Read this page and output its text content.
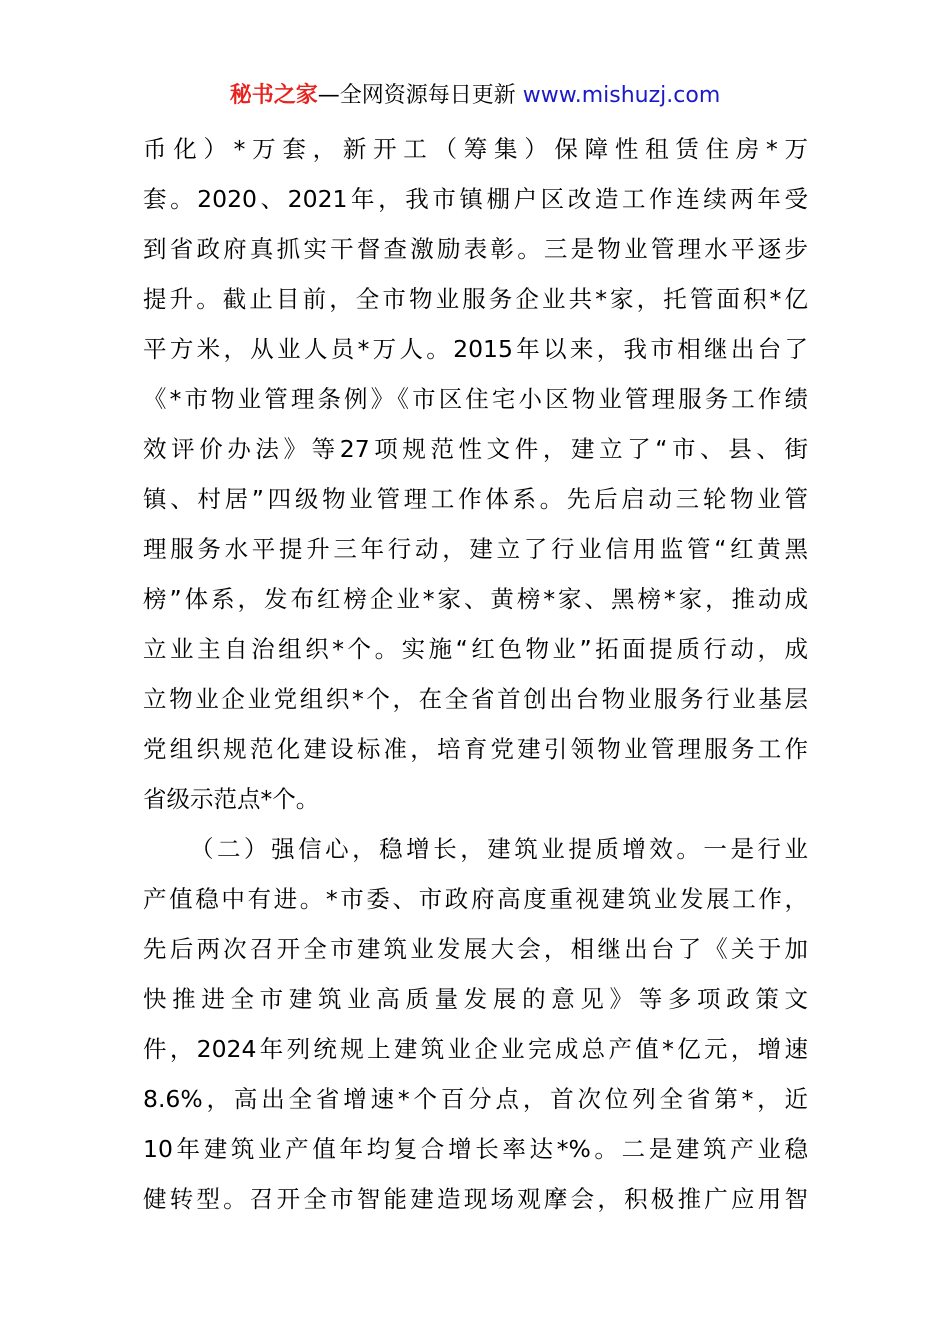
秘书之家—全网资源每日更新 www.mishuzj.com
币化）*万套，新开工（筹集）保障性租赁住房*万
套。2020、2021年，我市镇棚户区改造工作连续两年受
到省政府真抓实干督查激励表彰。三是物业管理水平逐步
提升。截止目前，全市物业服务企业共*家，托管面积*亿
平方米，从业人员*万人。2015年以来，我市相继出台了
《*市物业管理条例》《市区住宅小区物业管理服务工作绩
效评价办法》等27项规范性文件，建立了“市、县、街
镇、村居”四级物业管理工作体系。先后启动三轮物业管
理服务水平提升三年行动，建立了行业信用监管“红黄黑
榜”体系，发布红榜企业*家、黄榜*家、黑榜*家，推动成
立业主自治组织*个。实施“红色物业”拓面提质行动，成
立物业企业党组织*个，在全省首创出台物业服务行业基层
党组织规范化建设标准，培育党建引领物业管理服务工作
省级示范点*个。
（二）强信心，稳增长，建筑业提质增效。一是行业
产值稳中有进。*市委、市政府高度重视建筑业发展工作，
先后两次召开全市建筑业发展大会，相继出台了《关于加
快推进全市建筑业高质量发展的意见》等多项政策文
件，2024年列统规上建筑业企业完成总产值*亿元，增速
8.6%，高出全省增速*个百分点，首次位列全省第*，近
10年建筑业产值年均复合增长率达*%。二是建筑产业稳
健转型。召开全市智能建造现场观摩会，积极推广应用智
